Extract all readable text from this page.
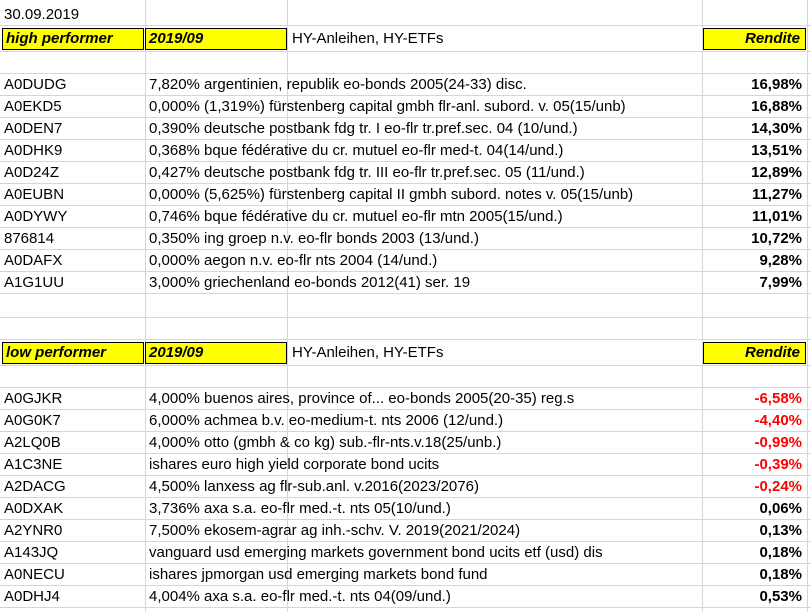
30.09.2019
high performer	2019/09	HY-Anleihen, HY-ETFs	Rendite
A0DUDG	7,820% argentinien, republik eo-bonds 2005(24-33) disc.	16,98%
A0EKD5	0,000% (1,319%) fürstenberg capital gmbh flr-anl. subord. v. 05(15/unb)	16,88%
A0DEN7	0,390% deutsche postbank fdg tr. I eo-flr tr.pref.sec. 04 (10/und.)	14,30%
A0DHK9	0,368% bque fédérative du cr. mutuel eo-flr med-t. 04(14/und.)	13,51%
A0D24Z	0,427% deutsche postbank fdg tr. III eo-flr tr.pref.sec. 05 (11/und.)	12,89%
A0EUBN	0,000% (5,625%) fürstenberg capital II gmbh subord. notes v. 05(15/unb)	11,27%
A0DYWY	0,746% bque fédérative du cr. mutuel eo-flr mtn 2005(15/und.)	11,01%
876814	0,350% ing groep n.v. eo-flr bonds 2003 (13/und.)	10,72%
A0DAFX	0,000% aegon n.v. eo-flr nts 2004 (14/und.)	9,28%
A1G1UU	3,000% griechenland eo-bonds 2012(41) ser. 19	7,99%
low performer	2019/09	HY-Anleihen, HY-ETFs	Rendite
A0GJKR	4,000% buenos aires, province of... eo-bonds 2005(20-35) reg.s	-6,58%
A0G0K7	6,000% achmea b.v. eo-medium-t. nts 2006 (12/und.)	-4,40%
A2LQ0B	4,000% otto (gmbh & co kg) sub.-flr-nts.v.18(25/unb.)	-0,99%
A1C3NE	ishares euro high yield corporate bond ucits	-0,39%
A2DACG	4,500% lanxess ag flr-sub.anl. v.2016(2023/2076)	-0,24%
A0DXAK	3,736% axa s.a. eo-flr med.-t. nts 05(10/und.)	0,06%
A2YNR0	7,500% ekosem-agrar ag inh.-schv. V. 2019(2021/2024)	0,13%
A143JQ	vanguard usd emerging markets government bond ucits etf (usd) dis	0,18%
A0NECU	ishares jpmorgan usd emerging markets bond fund	0,18%
A0DHJ4	4,004% axa s.a. eo-flr med.-t. nts 04(09/und.)	0,53%
